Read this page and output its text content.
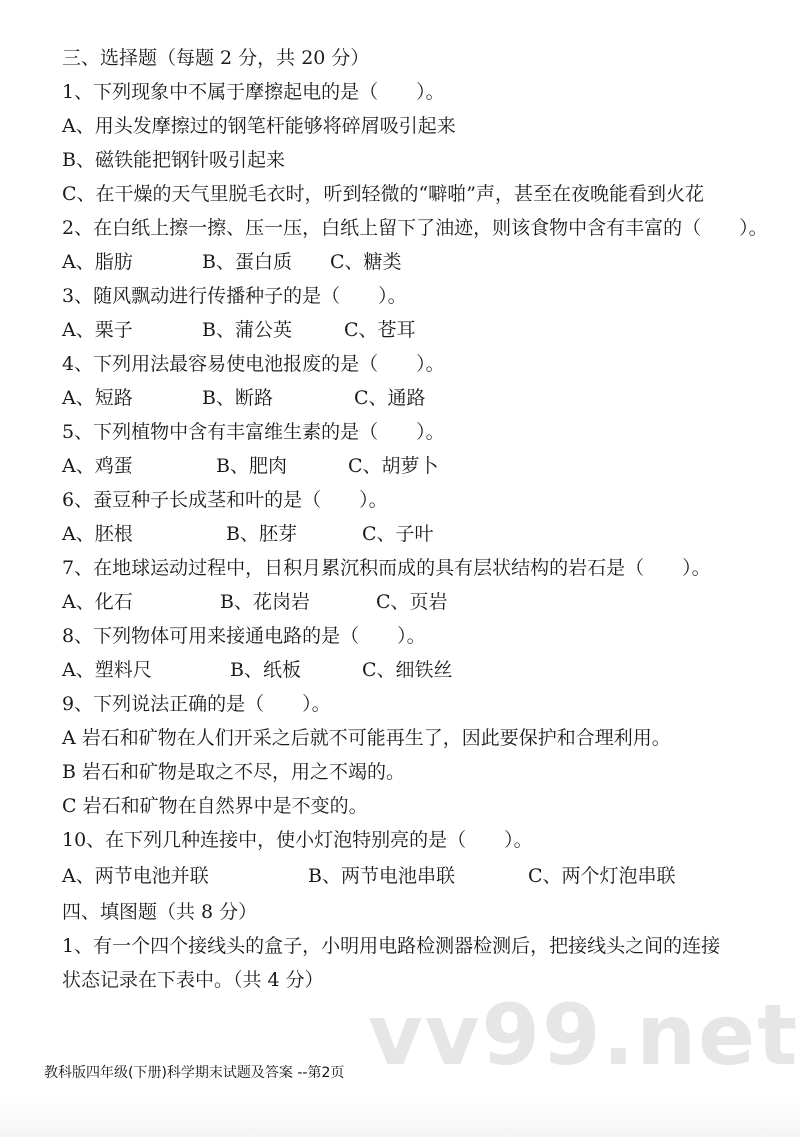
三、选择题（每题 2 分，共 20 分）
1、下列现象中不属于摩擦起电的是（　　）。
A、用头发摩擦过的钢笔杆能够将碎屑吸引起来
B、磁铁能把钢针吸引起来
C、在干燥的天气里脱毛衣时，听到轻微的“噼啪”声，甚至在夜晚能看到火花
2、在白纸上擦一擦、压一压，白纸上留下了油迹，则该食物中含有丰富的（　　）。
A、脂肪	B、蛋白质 C、糖类
3、随风飘动进行传播种子的是（　　）。
A、栗子	B、蒲公英	C、苍耳
4、下列用法最容易使电池报废的是（　　）。
A、短路	B、断路	C、通路
5、下列植物中含有丰富维生素的是（　　）。
A、鸡蛋	B、肥肉	C、胡萝卜
6、蚕豆种子长成茎和叶的是（　　）。
A、胚根	B、胚芽	C、子叶
7、在地球运动过程中，日积月累沉积而成的具有层状结构的岩石是（　　）。
A、化石	B、花岗岩	C、页岩
8、下列物体可用来接通电路的是（　　）。
A、塑料尺	B、纸板	C、细铁丝
9、下列说法正确的是（　　）。
A 岩石和矿物在人们开采之后就不可能再生了，因此要保护和合理利用。
B 岩石和矿物是取之不尽，用之不竭的。
C 岩石和矿物在自然界中是不变的。
10、在下列几种连接中，使小灯泡特别亮的是（　　）。
A、两节电池并联	B、两节电池串联	C、两个灯泡串联
四、填图题（共 8 分）
1、有一个四个接线头的盒子，小明用电路检测器检测后，把接线头之间的连接
状态记录在下表中。（共 4 分）
vv99.net
教科版四年级(下册)科学期末试题及答案 --第2页
